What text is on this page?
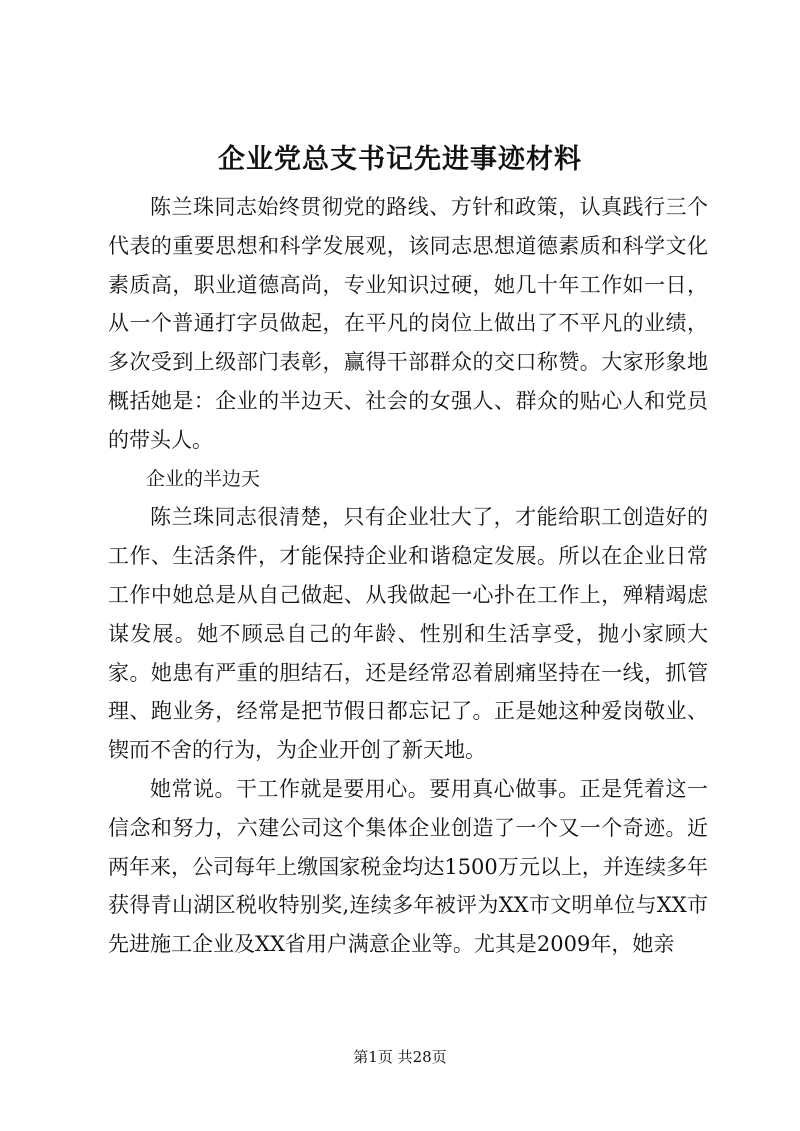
企业党总支书记先进事迹材料

陈兰珠同志始终贯彻党的路线、方针和政策，认真践行三个代表的重要思想和科学发展观，该同志思想道德素质和科学文化素质高，职业道德高尚，专业知识过硬，她几十年工作如一日，从一个普通打字员做起，在平凡的岗位上做出了不平凡的业绩，多次受到上级部门表彰，赢得干部群众的交口称赞。大家形象地概括她是：企业的半边天、社会的女强人、群众的贴心人和党员的带头人。

企业的半边天

陈兰珠同志很清楚，只有企业壮大了，才能给职工创造好的工作、生活条件，才能保持企业和谐稳定发展。所以在企业日常工作中她总是从自己做起、从我做起一心扑在工作上，殚精竭虑谋发展。她不顾忌自己的年龄、性别和生活享受，抛小家顾大家。她患有严重的胆结石，还是经常忍着剧痛坚持在一线，抓管理、跑业务，经常是把节假日都忘记了。正是她这种爱岗敬业、锲而不舍的行为，为企业开创了新天地。

她常说。干工作就是要用心。要用真心做事。正是凭着这一信念和努力，六建公司这个集体企业创造了一个又一个奇迹。近两年来，公司每年上缴国家税金均达1500万元以上，并连续多年获得青山湖区税收特别奖,连续多年被评为XX市文明单位与XX市先进施工企业及XX省用户满意企业等。尤其是2009年，她亲

第1页 共28页
